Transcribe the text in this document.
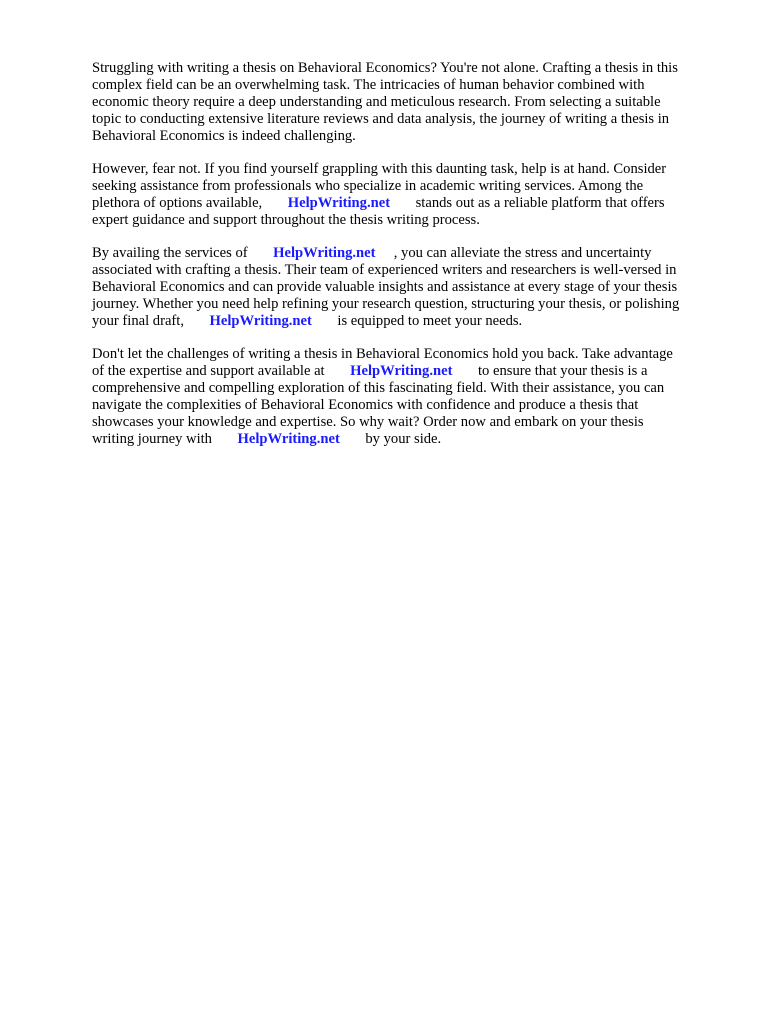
Struggling with writing a thesis on Behavioral Economics? You're not alone. Crafting a thesis in this
complex field can be an overwhelming task. The intricacies of human behavior combined with
economic theory require a deep understanding and meticulous research. From selecting a suitable
topic to conducting extensive literature reviews and data analysis, the journey of writing a thesis in
Behavioral Economics is indeed challenging.
However, fear not. If you find yourself grappling with this daunting task, help is at hand. Consider
seeking assistance from professionals who specialize in academic writing services. Among the
plethora of options available, HelpWriting.net stands out as a reliable platform that offers
expert guidance and support throughout the thesis writing process.
By availing the services of HelpWriting.net , you can alleviate the stress and uncertainty
associated with crafting a thesis. Their team of experienced writers and researchers is well-versed in
Behavioral Economics and can provide valuable insights and assistance at every stage of your thesis
journey. Whether you need help refining your research question, structuring your thesis, or polishing
your final draft, HelpWriting.net is equipped to meet your needs.
Don't let the challenges of writing a thesis in Behavioral Economics hold you back. Take advantage
of the expertise and support available at HelpWriting.net to ensure that your thesis is a
comprehensive and compelling exploration of this fascinating field. With their assistance, you can
navigate the complexities of Behavioral Economics with confidence and produce a thesis that
showcases your knowledge and expertise. So why wait? Order now and embark on your thesis
writing journey with HelpWriting.net by your side.
